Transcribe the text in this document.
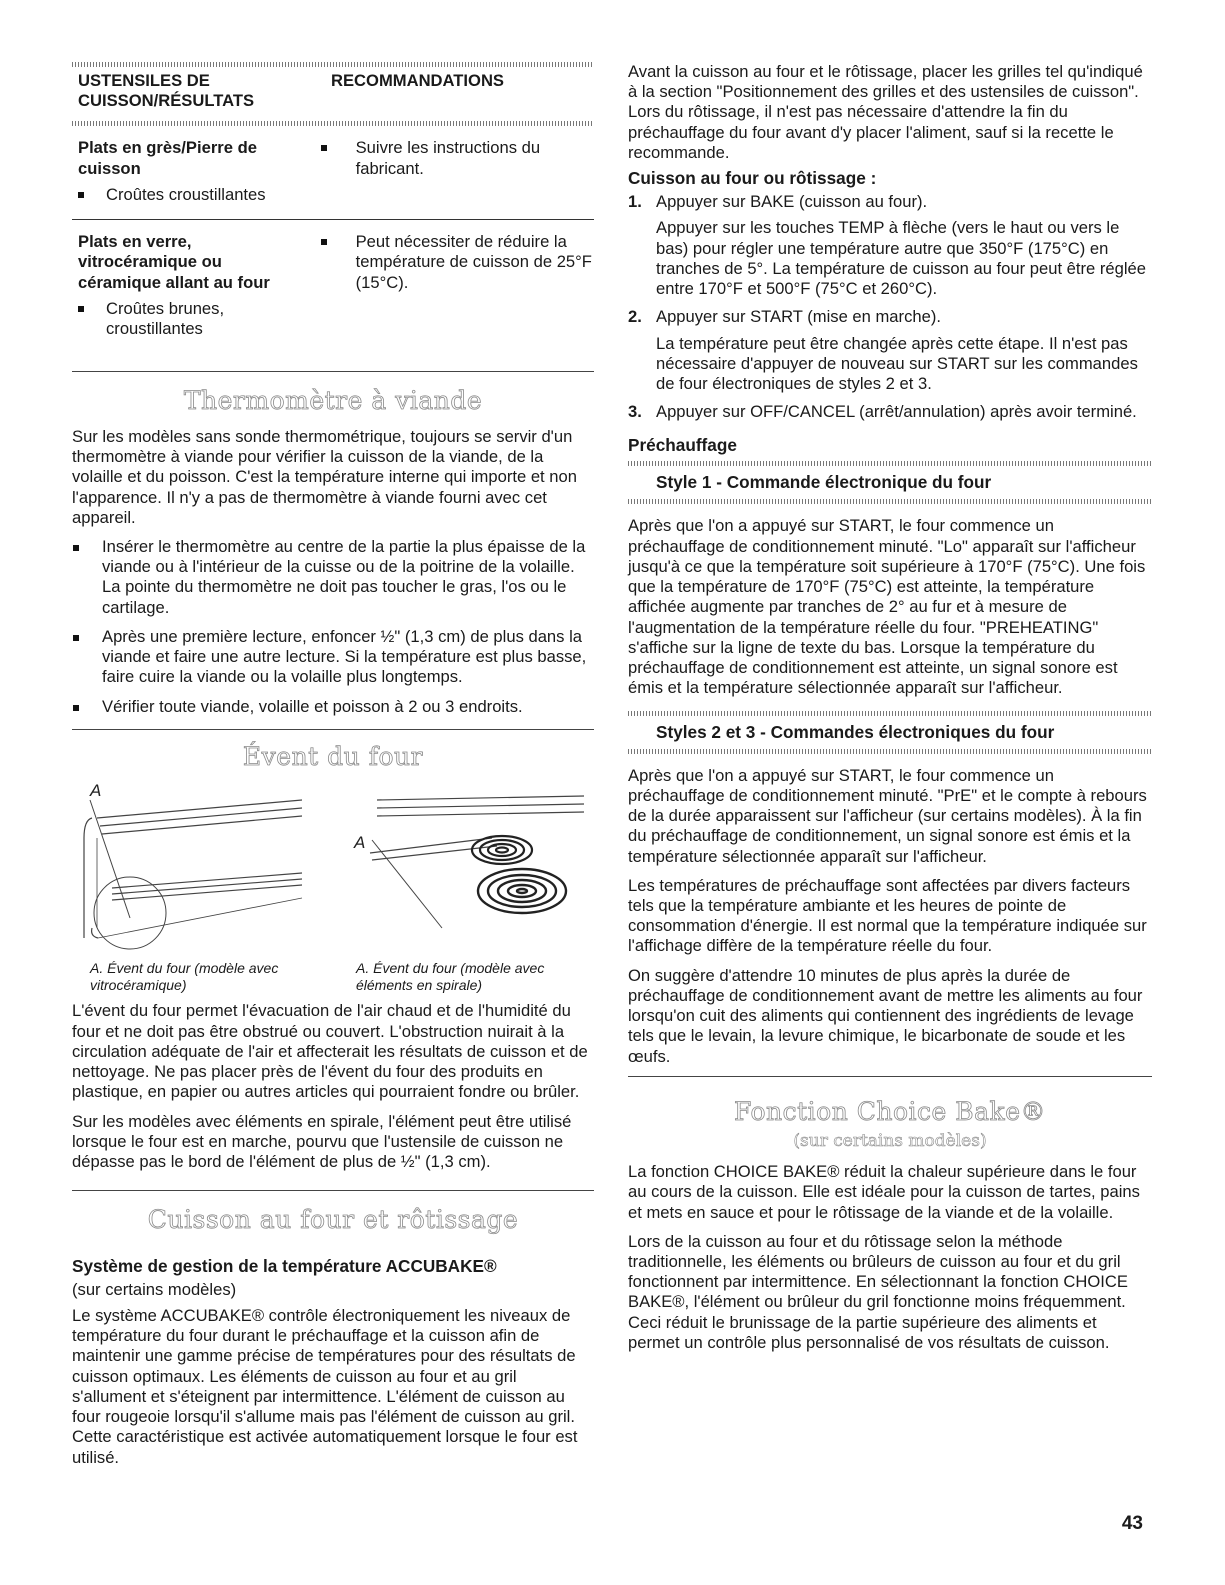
USTENSILES DE CUISSON/RÉSULTATS
RECOMMANDATIONS
Plats en grès/Pierre de cuisson
Croûtes croustillantes
Suivre les instructions du fabricant.
Plats en verre, vitrocéramique ou céramique allant au four
Croûtes brunes, croustillantes
Peut nécessiter de réduire la température de cuisson de 25°F (15°C).
Thermomètre à viande

Sur les modèles sans sonde thermométrique, toujours se servir d'un thermomètre à viande pour vérifier la cuisson de la viande, de la volaille et du poisson. C'est la température interne qui importe et non l'apparence. Il n'y a pas de thermomètre à viande fourni avec cet appareil.

Insérer le thermomètre au centre de la partie la plus épaisse de la viande ou à l'intérieur de la cuisse ou de la poitrine de la volaille. La pointe du thermomètre ne doit pas toucher le gras, l'os ou le cartilage.
Après une première lecture, enfoncer ½" (1,3 cm) de plus dans la viande et faire une autre lecture. Si la température est plus basse, faire cuire la viande ou la volaille plus longtemps.
Vérifier toute viande, volaille et poisson à 2 ou 3 endroits.
Évent du four
A
A
A. Évent du four (modèle avec vitrocéramique)
A. Évent du four (modèle avec éléments en spirale)

L'évent du four permet l'évacuation de l'air chaud et de l'humidité du four et ne doit pas être obstrué ou couvert. L'obstruction nuirait à la circulation adéquate de l'air et affecterait les résultats de cuisson et de nettoyage. Ne pas placer près de l'évent du four des produits en plastique, en papier ou autres articles qui pourraient fondre ou brûler.

Sur les modèles avec éléments en spirale, l'élément peut être utilisé lorsque le four est en marche, pourvu que l'ustensile de cuisson ne dépasse pas le bord de l'élément de plus de ½" (1,3 cm).

Cuisson au four et rôtissage
Système de gestion de la température ACCUBAKE®

(sur certains modèles)

Le système ACCUBAKE® contrôle électroniquement les niveaux de température du four durant le préchauffage et la cuisson afin de maintenir une gamme précise de températures pour des résultats de cuisson optimaux. Les éléments de cuisson au four et au gril s'allument et s'éteignent par intermittence. L'élément de cuisson au four rougeoie lorsqu'il s'allume mais pas l'élément de cuisson au gril. Cette caractéristique est activée automatiquement lorsque le four est utilisé.

Avant la cuisson au four et le rôtissage, placer les grilles tel qu'indiqué à la section "Positionnement des grilles et des ustensiles de cuisson". Lors du rôtissage, il n'est pas nécessaire d'attendre la fin du préchauffage du four avant d'y placer l'aliment, sauf si la recette le recommande.

Cuisson au four ou rôtissage :
1. Appuyer sur BAKE (cuisson au four).

Appuyer sur les touches TEMP à flèche (vers le haut ou vers le bas) pour régler une température autre que 350°F (175°C) en tranches de 5°. La température de cuisson au four peut être réglée entre 170°F et 500°F (75°C et 260°C).

2. Appuyer sur START (mise en marche).

La température peut être changée après cette étape. Il n'est pas nécessaire d'appuyer de nouveau sur START sur les commandes de four électroniques de styles 2 et 3.

3. Appuyer sur OFF/CANCEL (arrêt/annulation) après avoir terminé.

Préchauffage
Style 1 - Commande électronique du four

Après que l'on a appuyé sur START, le four commence un préchauffage de conditionnement minuté. "Lo" apparaît sur l'afficheur jusqu'à ce que la température soit supérieure à 170°F (75°C). Une fois que la température de 170°F (75°C) est atteinte, la température affichée augmente par tranches de 2° au fur et à mesure de l'augmentation de la température réelle du four. "PREHEATING" s'affiche sur la ligne de texte du bas. Lorsque la température du préchauffage de conditionnement est atteinte, un signal sonore est émis et la température sélectionnée apparaît sur l'afficheur.

Styles 2 et 3 - Commandes électroniques du four

Après que l'on a appuyé sur START, le four commence un préchauffage de conditionnement minuté. "PrE" et le compte à rebours de la durée apparaissent sur l'afficheur (sur certains modèles). À la fin du préchauffage de conditionnement, un signal sonore est émis et la température sélectionnée apparaît sur l'afficheur.

Les températures de préchauffage sont affectées par divers facteurs tels que la température ambiante et les heures de pointe de consommation d'énergie. Il est normal que la température indiquée sur l'affichage diffère de la température réelle du four.

On suggère d'attendre 10 minutes de plus après la durée de préchauffage de conditionnement avant de mettre les aliments au four lorsqu'on cuit des aliments qui contiennent des ingrédients de levage tels que le levain, la levure chimique, le bicarbonate de soude et les œufs.

Fonction Choice Bake®
(sur certains modèles)

La fonction CHOICE BAKE® réduit la chaleur supérieure dans le four au cours de la cuisson. Elle est idéale pour la cuisson de tartes, pains et mets en sauce et pour le rôtissage de la viande et de la volaille.

Lors de la cuisson au four et du rôtissage selon la méthode traditionnelle, les éléments ou brûleurs de cuisson au four et du gril fonctionnent par intermittence. En sélectionnant la fonction CHOICE BAKE®, l'élément ou brûleur du gril fonctionne moins fréquemment. Ceci réduit le brunissage de la partie supérieure des aliments et permet un contrôle plus personnalisé de vos résultats de cuisson.

43
